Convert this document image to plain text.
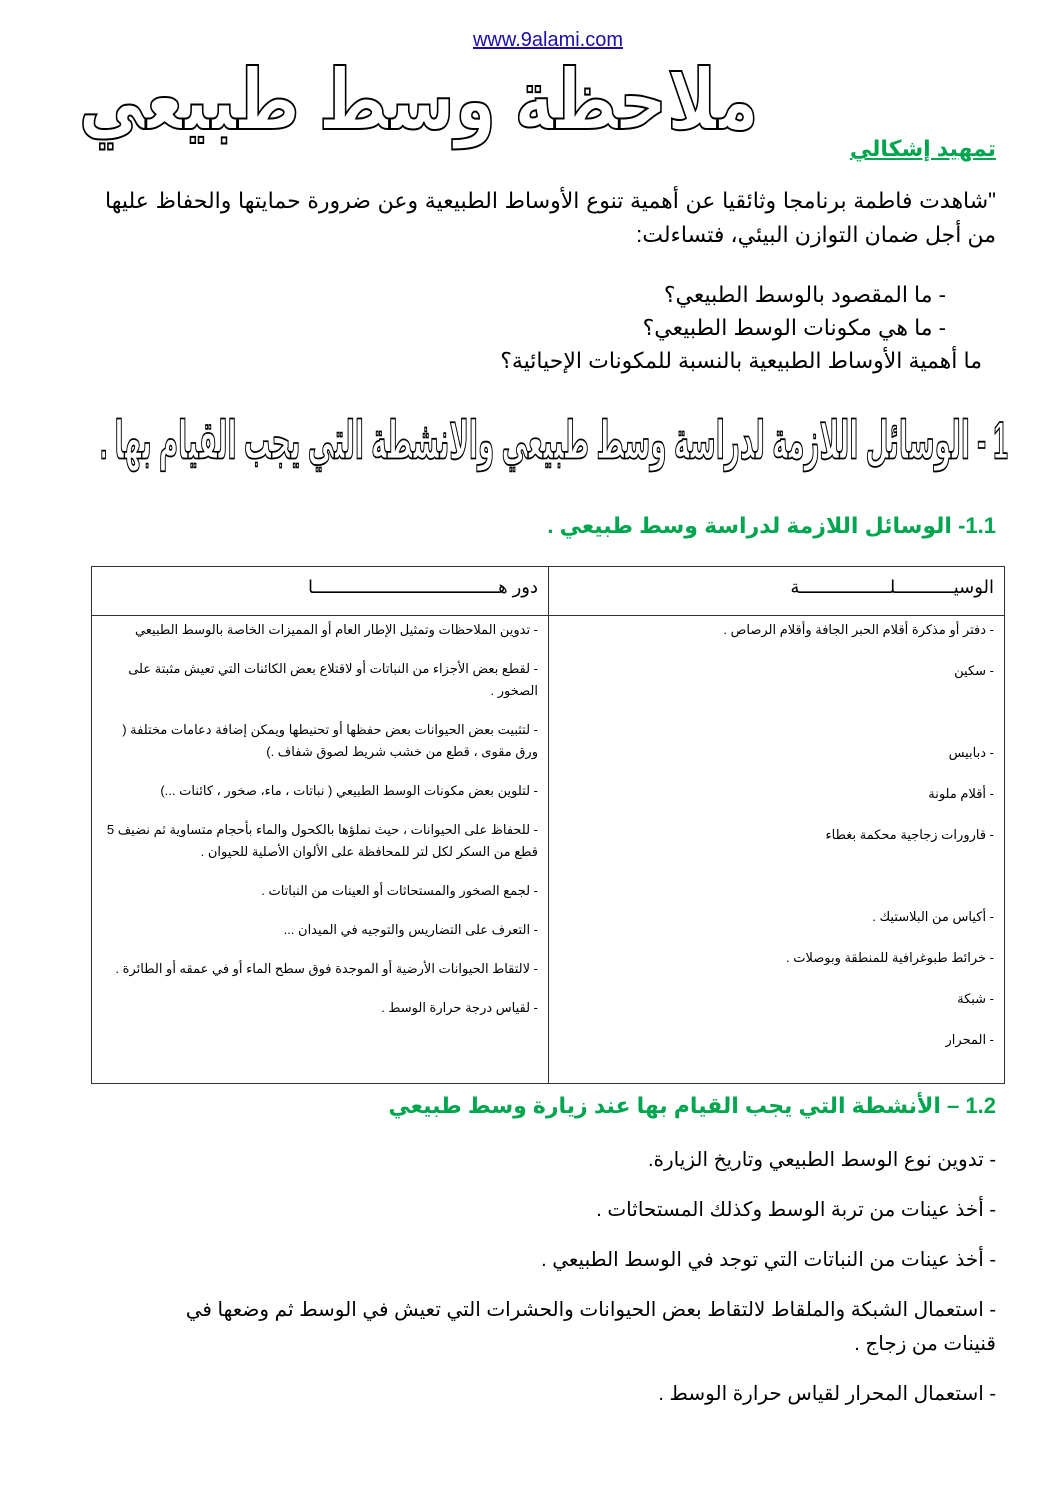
www.9alami.com
ملاحظة وسط طبيعي
تمهيد إشكالي
"شاهدت فاطمة برنامجا وثائقيا عن أهمية تنوع الأوساط الطبيعية وعن ضرورة حمايتها والحفاظ عليها من أجل ضمان التوازن البيئي، فتساءلت:
- ما المقصود بالوسط الطبيعي؟
- ما هي مكونات الوسط الطبيعي؟
ما أهمية الأوساط الطبيعية بالنسبة للمكونات الإحيائية؟
1 - الوسائل اللازمة لدراسة وسط طبيعي والانشطة التي يجب القيام بها .
1.1- الوسائل اللازمة لدراسة وسط طبيعي .
الوسيـــــــــــلـــــــــــــــــة
دور هـــــــــــــــــــــــــــــــــــا
- دفتر أو مذكرة أقلام الحبر الجافة وأقلام الرصاص .
- سكين
- دبابيس
- أقلام ملونة
- قارورات زجاجية محكمة بغطاء
- أكياس من البلاستيك .
- خرائط طبوغرافية للمنطقة وبوصلات .
- شبكة
- المحرار
- تدوين الملاحظات وتمثيل الإطار العام أو المميزات الخاصة بالوسط الطبيعي
- لقطع بعض الأجزاء من النباتات أو لاقتلاع بعض الكائنات التي تعيش مثبتة على الصخور .
- لتثبيت بعض الحيوانات بعض حفظها أو تحنيطها ويمكن إضافة دعامات مختلفة ( ورق مقوى ، قطع من خشب شريط لصوق شفاف .)
- لتلوين بعض مكونات الوسط الطبيعي ( نباتات ، ماء، صخور ، كائنات ...)
- للحفاظ على الحيوانات ، حيث نملؤها بالكحول والماء بأحجام متساوية ثم نضيف 5 قطع من السكر لكل لتر للمحافظة على الألوان الأصلية للحيوان .
- لجمع الصخور والمستحاثات أو العينات من النباتات .
- التعرف على التضاريس والتوجيه في الميدان ...
- لالتقاط الحيوانات الأرضية أو الموجدة فوق سطح الماء أو في عمقه أو الطائرة .
- لقياس درجة حرارة الوسط .
1.2 – الأنشطة التي يجب القيام بها عند زيارة وسط طبيعي
- تدوين نوع الوسط الطبيعي وتاريخ الزيارة.
- أخذ عينات من تربة الوسط وكذلك المستحاثات .
- أخذ عينات من النباتات التي توجد في الوسط الطبيعي .
- استعمال الشبكة والملقاط لالتقاط بعض الحيوانات والحشرات التي تعيش في الوسط ثم وضعها في قنينات من زجاج .
- استعمال المحرار لقياس حرارة الوسط .
